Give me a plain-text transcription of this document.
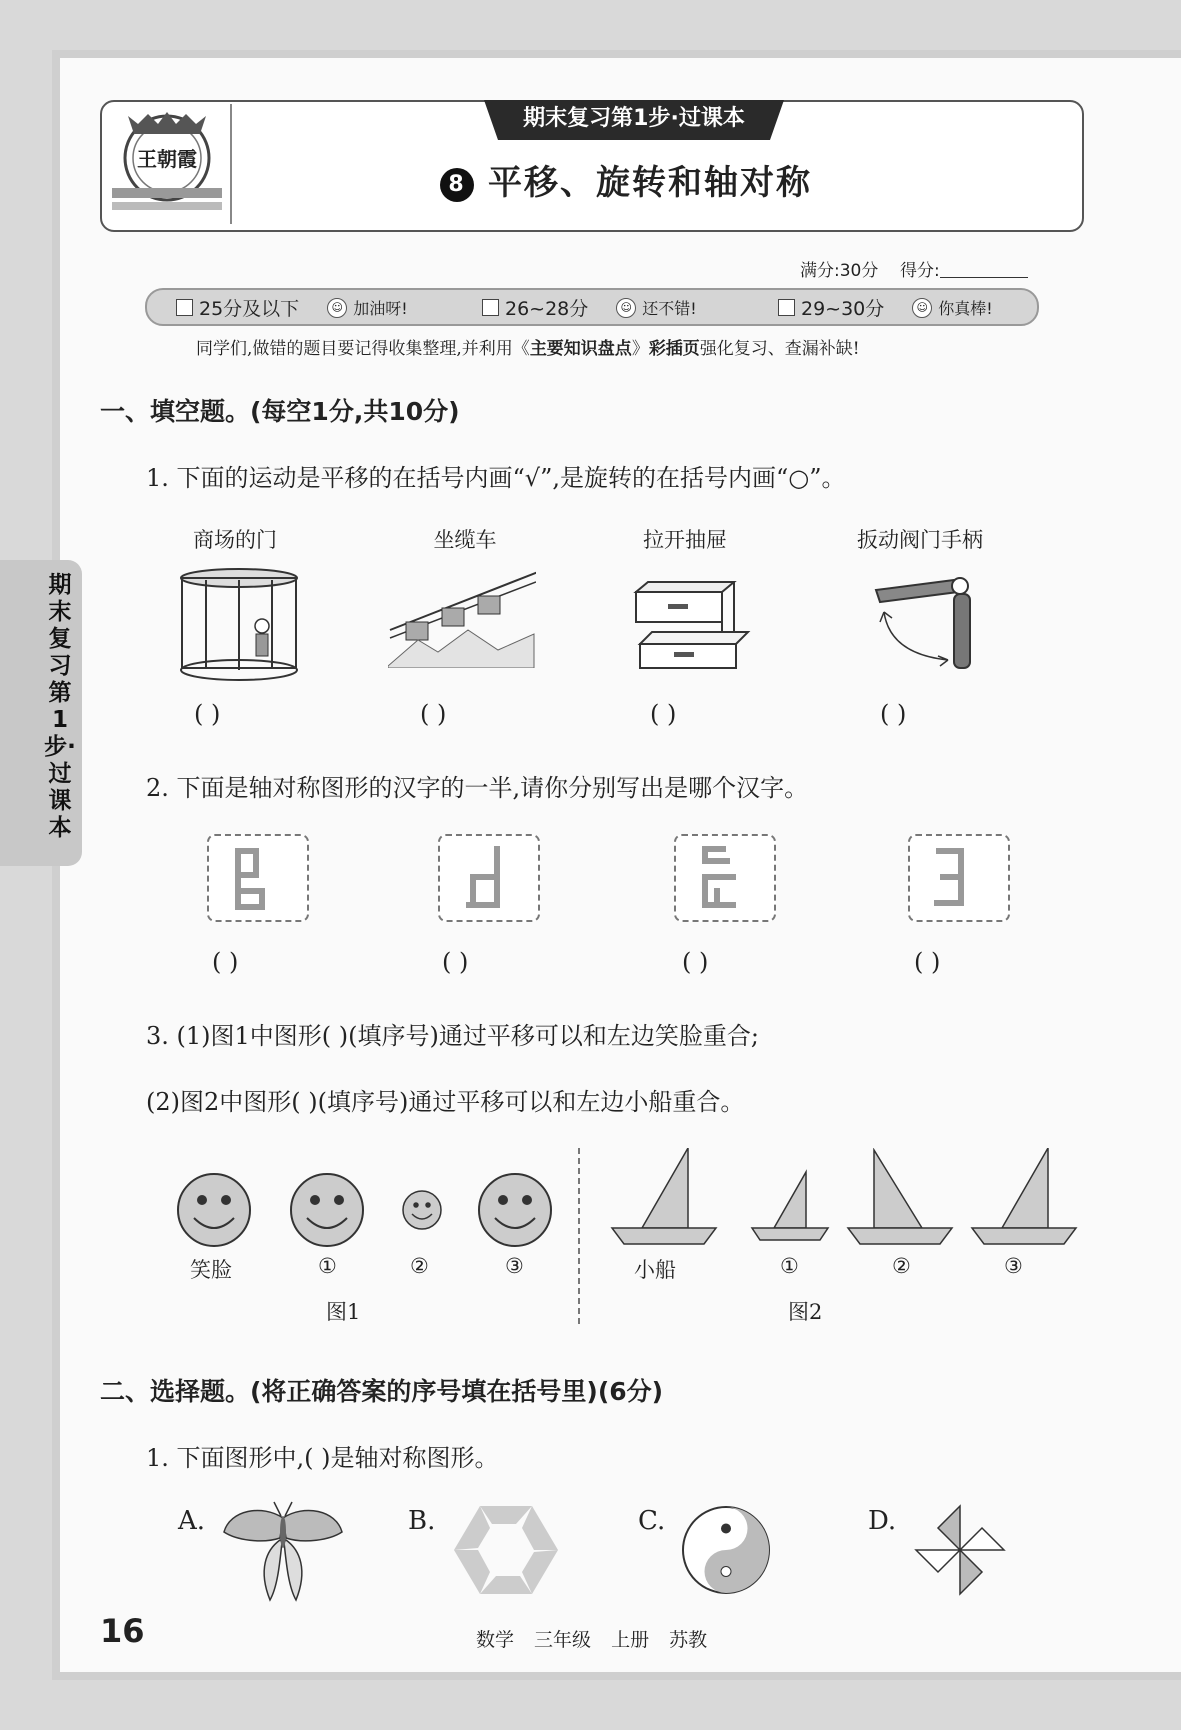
期末复习第1步·过课本
王朝霞
期末复习第1步·过课本
8 平移、旋转和轴对称
满分:30分 得分:
25分及以下	☺ 加油呀!	26~28分	☺ 还不错!	29~30分	☺ 你真棒!
同学们,做错的题目要记得收集整理,并利用《主要知识盘点》彩插页强化复习、查漏补缺!
一、填空题。(每空1分,共10分)
1. 下面的运动是平移的在括号内画“√”,是旋转的在括号内画“○”。
商场的门	坐缆车	拉开抽屉	扳动阀门手柄
( )	( )	( )	( )
2. 下面是轴对称图形的汉字的一半,请你分别写出是哪个汉字。
( )	( )	( )	( )
3. (1)图1中图形( )(填序号)通过平移可以和左边笑脸重合;
(2)图2中图形( )(填序号)通过平移可以和左边小船重合。
笑脸	①	②	③
图1
小船	①	②	③
图2
二、选择题。(将正确答案的序号填在括号里)(6分)
1. 下面图形中,( )是轴对称图形。
A.	B.	C.	D.
16	数学 三年级 上册 苏教
